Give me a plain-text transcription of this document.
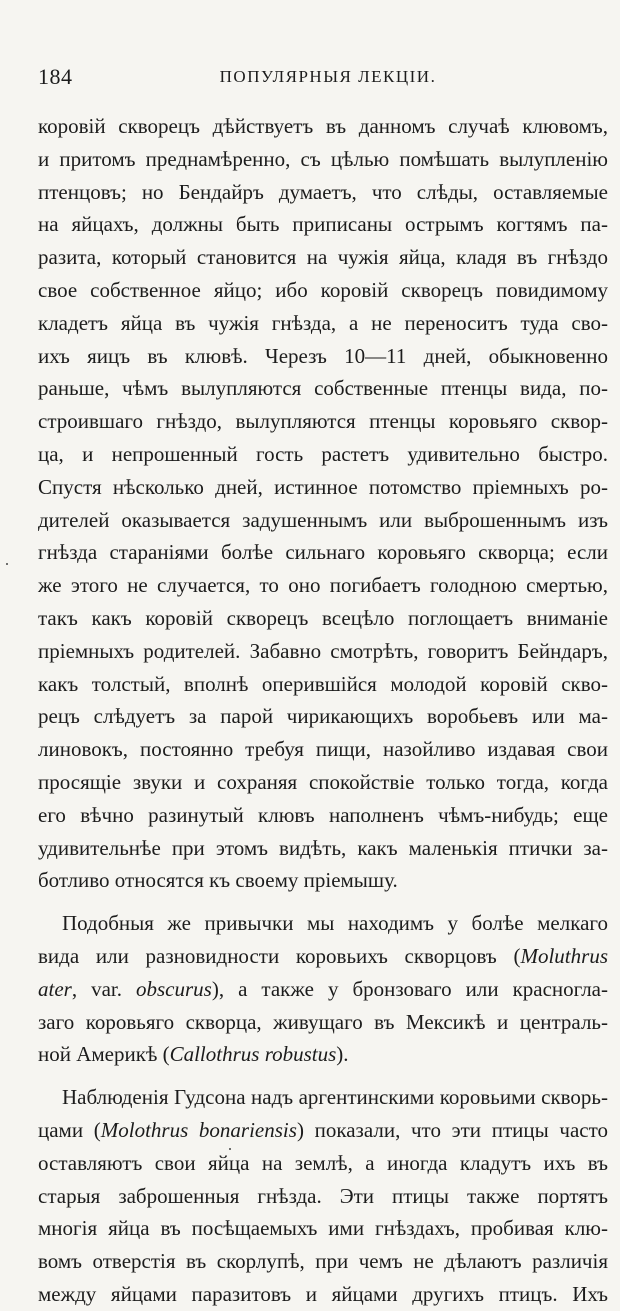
184	ПОПУЛЯРНЫЯ ЛЕКЦІИ.
коровій скворецъ дѣйствуетъ въ данномъ случаѣ клювомъ,
и притомъ преднамѣренно, съ цѣлью помѣшать вылупленію
птенцовъ; но Бендайръ думаетъ, что слѣды, оставляемые
на яйцахъ, должны быть приписаны острымъ когтямъ па-
разита, который становится на чужія яйца, кладя въ гнѣздо
свое собственное яйцо; ибо коровій скворецъ повидимому
кладетъ яйца въ чужія гнѣзда, а не переноситъ туда сво-
ихъ яицъ въ клювѣ. Черезъ 10—11 дней, обыкновенно
раньше, чѣмъ вылупляются собственные птенцы вида, по-
строившаго гнѣздо, вылупляются птенцы коровьяго сквор-
ца, и непрошенный гость растетъ удивительно быстро.
Спустя нѣсколько дней, истинное потомство пріемныхъ ро-
дителей оказывается задушеннымъ или выброшеннымъ изъ
гнѣзда стараніями болѣе сильнаго коровьяго скворца; если
же этого не случается, то оно погибаетъ голодною смертью,
такъ какъ коровій скворецъ всецѣло поглощаетъ вниманіе
пріемныхъ родителей. Забавно смотрѣть, говоритъ Бейндаръ,
какъ толстый, вполнѣ оперившійся молодой коровій скво-
рецъ слѣдуетъ за парой чирикающихъ воробьевъ или ма-
линовокъ, постоянно требуя пищи, назойливо издавая свои
просящіе звуки и сохраняя спокойствіе только тогда, когда
его вѣчно разинутый клювъ наполненъ чѣмъ-нибудь; еще
удивительнѣе при этомъ видѣть, какъ маленькія птички за-
ботливо относятся къ своему пріемышу.
Подобныя же привычки мы находимъ у болѣе мелкаго
вида или разновидности коровьихъ скворцовъ (Moluthrus
ater, var. obscurus), а также у бронзоваго или красногла-
заго коровьяго скворца, живущаго въ Мексикѣ и централь-
ной Америкѣ (Callothrus robustus).
Наблюденія Гудсона надъ аргентинскими коровьими скворь-
цами (Molothrus bonariensis) показали, что эти птицы часто
оставляютъ свои яйца на землѣ, а иногда кладутъ ихъ въ
старыя заброшенныя гнѣзда. Эти птицы также портятъ
многія яйца въ посѣщаемыхъ ими гнѣздахъ, пробивая клю-
вомъ отверстія въ скорлупѣ, при чемъ не дѣлаютъ различія
между яйцами паразитовъ и яйцами другихъ птицъ. Ихъ
